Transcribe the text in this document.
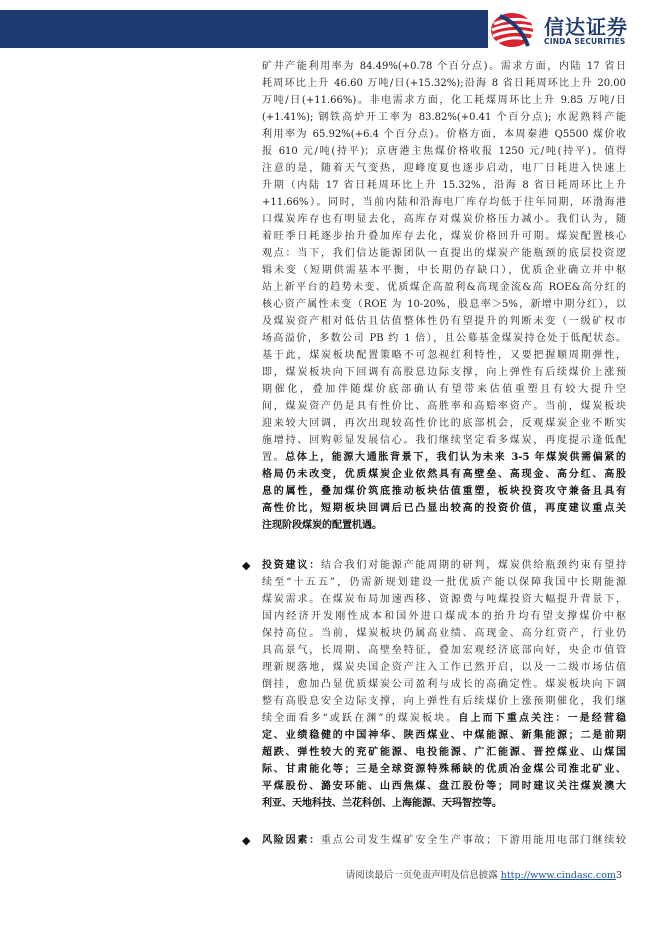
信达证券
CINDA SECURITIES
矿井产能利用率为 84.49%(+0.78 个百分点)。需求方面，内陆 17 省日
耗周环比上升 46.60 万吨/日(+15.32%);沿海 8 省日耗周环比上升 20.00
万吨/日(+11.66%)。非电需求方面，化工耗煤周环比上升 9.85 万吨/日
(+1.41%); 钢铁高炉开工率为 83.82%(+0.41 个百分点); 水泥熟料产能
利用率为 65.92%(+6.4 个百分点)。价格方面，本周秦港 Q5500 煤价收
报 610 元/吨(持平)；京唐港主焦煤价格收报 1250 元/吨(持平)。值得
注意的是，随着天气变热，迎峰度夏也逐步启动，电厂日耗进入快速上
升期（内陆 17 省日耗周环比上升 15.32%，沿海 8 省日耗周环比上升
+11.66%）。同时，当前内陆和沿海电厂库存均低于往年同期，环渤海港
口煤炭库存也有明显去化，高库存对煤炭价格压力减小。我们认为，随
着旺季日耗逐步抬升叠加库存去化，煤炭价格回升可期。煤炭配置核心
观点：当下，我们信达能源团队一直提出的煤炭产能瓶颈的底层投资逻
辑未变（短期供需基本平衡，中长期仍存缺口），优质企业确立并中枢
站上新平台的趋势未变、优质煤企高盈利&高现金流&高 ROE&高分红的
核心资产属性未变（ROE 为 10-20%，股息率＞5%，新增中期分红），以
及煤炭资产相对低估且估值整体性仍有望提升的判断未变（一级矿权市
场高溢价，多数公司 PB 约 1 倍），且公募基金煤炭持仓处于低配状态。
基于此，煤炭板块配置策略不可忽视红利特性，又要把握顺周期弹性，
即，煤炭板块向下回调有高股息边际支撑，向上弹性有后续煤价上涨预
期催化，叠加伴随煤价底部确认有望带来估值重塑且有较大提升空
间，煤炭资产仍是具有性价比、高胜率和高赔率资产。当前，煤炭板块
迎来较大回调，再次出现较高性价比的底部机会，反观煤炭企业不断实
施增持、回购彰显发展信心。我们继续坚定看多煤炭，再度提示逢低配
置。总体上，能源大通胀背景下，我们认为未来 3-5 年煤炭供需偏紧的
格局仍未改变，优质煤炭企业依然具有高壁垒、高现金、高分红、高股
息的属性，叠加煤价筑底推动板块估值重塑，板块投资攻守兼备且具有
高性价比，短期板块回调后已凸显出较高的投资价值，再度建议重点关
注现阶段煤炭的配置机遇。
◆ 投资建议：结合我们对能源产能周期的研判，煤炭供给瓶颈约束有望持
续至“十五五”，仍需新规划建设一批优质产能以保障我国中长期能源
煤炭需求。在煤炭布局加速西移、资源费与吨煤投资大幅提升背景下，
国内经济开发刚性成本和国外进口煤成本的抬升均有望支撑煤价中枢
保持高位。当前，煤炭板块仍属高业绩、高现金、高分红资产，行业仍
具高景气，长周期、高壁垒特征，叠加宏观经济底部向好，央企市值管
理新规落地，煤炭央国企资产注入工作已然开启，以及一二级市场估值
倒挂，愈加凸显优质煤炭公司盈利与成长的高确定性。煤炭板块向下调
整有高股息安全边际支撑，向上弹性有后续煤价上涨预期催化，我们继
续全面看多“或跃在渊”的煤炭板块。自上而下重点关注：一是经营稳
定、业绩稳健的中国神华、陕西煤业、中煤能源、新集能源；二是前期
超跌、弹性较大的兖矿能源、电投能源、广汇能源、晋控煤业、山煤国
际、甘肃能化等；三是全球资源特殊稀缺的优质冶金煤公司淮北矿业、
平煤股份、潞安环能、山西焦煤、盘江股份等；同时建议关注煤炭澳大
利亚、天地科技、兰花科创、上海能源、天玛智控等。
◆ 风险因素：重点公司发生煤矿安全生产事故；下游用能用电部门继续较
请阅读最后一页免责声明及信息披露 http://www.cindasc.com3
